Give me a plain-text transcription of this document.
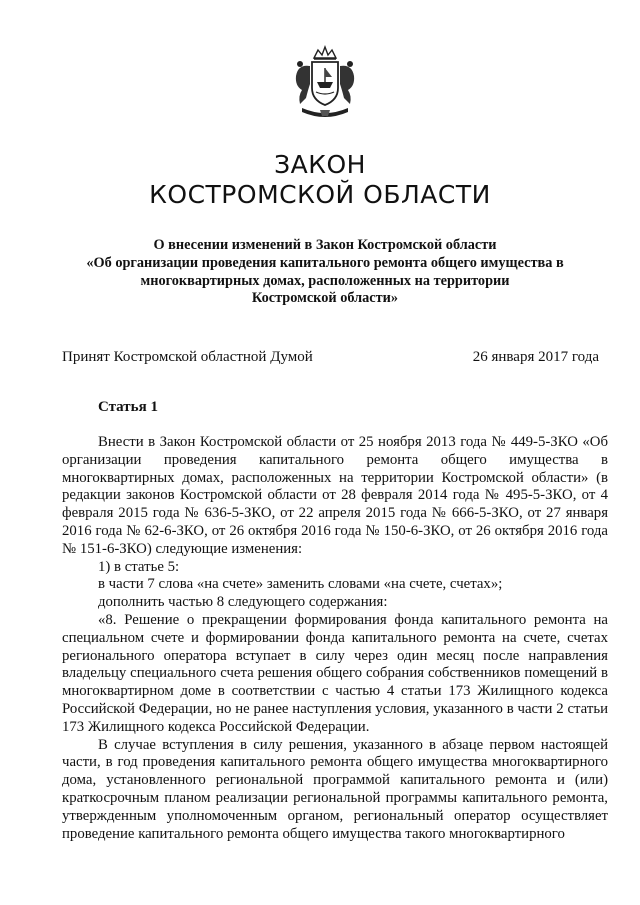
ЗАКОН
КОСТРОМСКОЙ ОБЛАСТИ
О внесении изменений в Закон Костромской области
«Об организации проведения капитального ремонта общего имущества в
многоквартирных домах, расположенных на территории
Костромской области»
Принят Костромской областной Думой	26 января 2017 года
Статья 1

Внести в Закон Костромской области от 25 ноября 2013 года № 449-5-ЗКО «Об организации проведения капитального ремонта общего имущества в многоквартирных домах, расположенных на территории Костромской области» (в редакции законов Костромской области от 28 февраля 2014 года № 495-5-ЗКО, от 4 февраля 2015 года № 636-5-ЗКО, от 22 апреля 2015 года № 666-5-ЗКО, от 27 января 2016 года № 62-6-ЗКО, от 26 октября 2016 года № 150-6-ЗКО, от 26 октября 2016 года № 151-6-ЗКО) следующие изменения:

1) в статье 5:

в части 7 слова «на счете» заменить словами «на счете, счетах»;

дополнить частью 8 следующего содержания:

«8. Решение о прекращении формирования фонда капитального ремонта на специальном счете и формировании фонда капитального ремонта на счете, счетах регионального оператора вступает в силу через один месяц после направления владельцу специального счета решения общего собрания собственников помещений в многоквартирном доме в соответствии с частью 4 статьи 173 Жилищного кодекса Российской Федерации, но не ранее наступления условия, указанного в части 2 статьи 173 Жилищного кодекса Российской Федерации.

В случае вступления в силу решения, указанного в абзаце первом настоящей части, в год проведения капитального ремонта общего имущества многоквартирного дома, установленного региональной программой капитального ремонта и (или) краткосрочным планом реализации региональной программы капитального ремонта, утвержденным уполномоченным органом, региональный оператор осуществляет проведение капитального ремонта общего имущества такого многоквартирного
